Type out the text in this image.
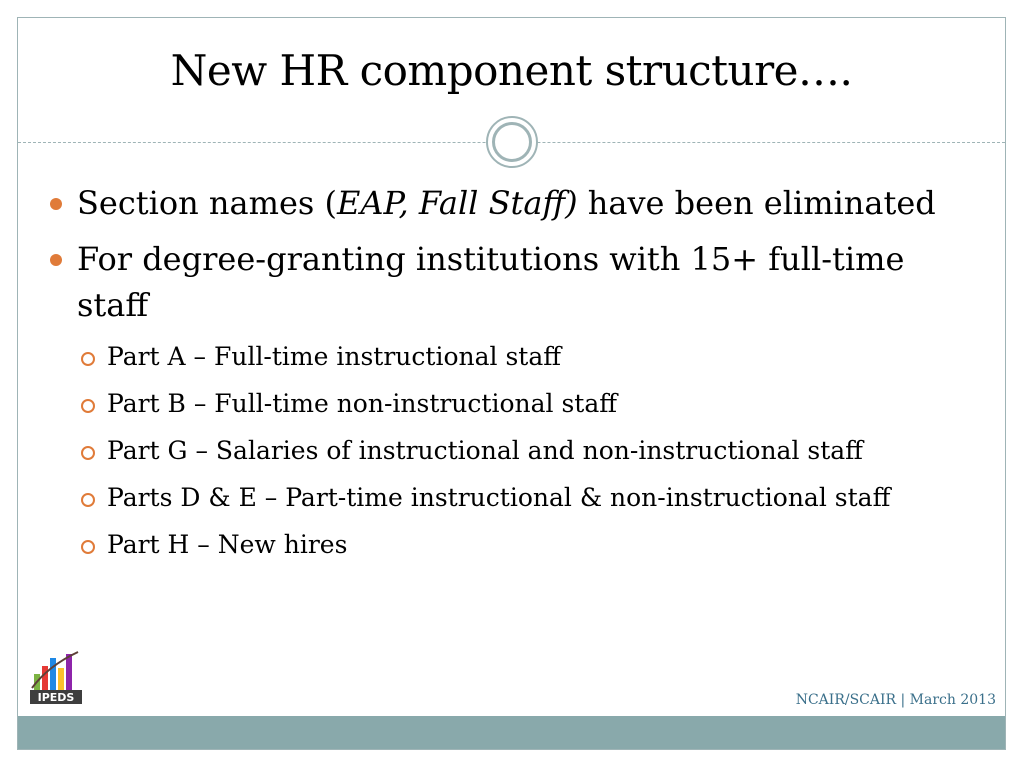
New HR component structure….
Section names (EAP, Fall Staff) have been eliminated
For degree-granting institutions with 15+ full-time staff
Part A – Full-time instructional staff
Part B – Full-time non-instructional staff
Part G – Salaries of instructional and non-instructional staff
Parts D & E – Part-time instructional & non-instructional staff
Part H – New hires
IPEDS	NCAIR/SCAIR | March 2013
